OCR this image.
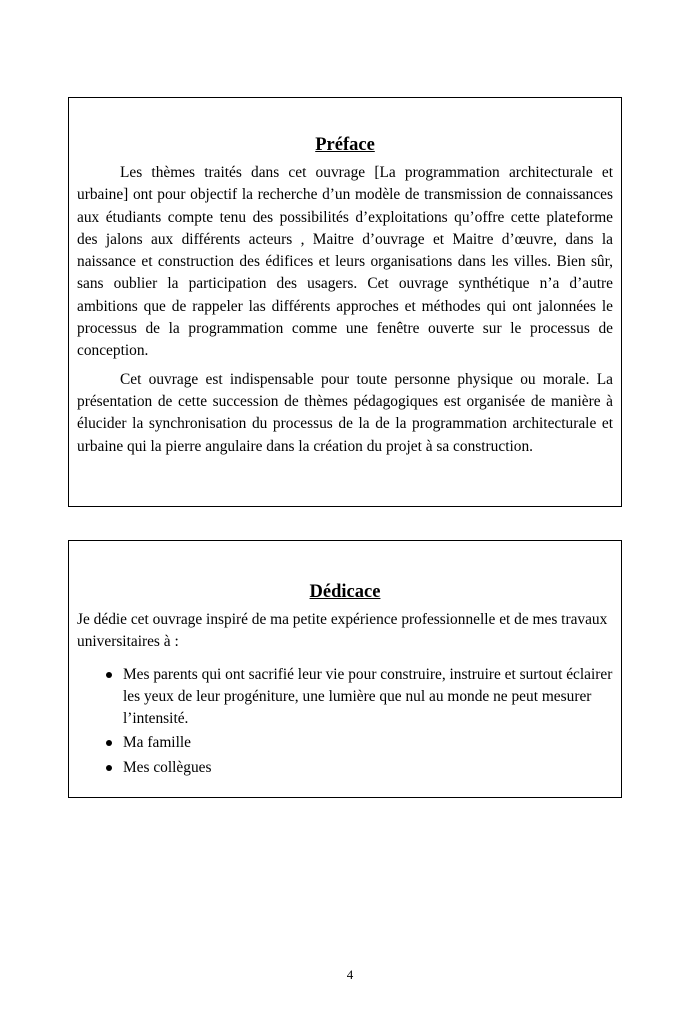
Préface

Les thèmes traités dans cet ouvrage [La programmation architecturale et urbaine] ont pour objectif la recherche d’un modèle de transmission de connaissances aux étudiants compte tenu des possibilités d’exploitations qu’offre cette plateforme des jalons aux différents acteurs , Maitre d’ouvrage et Maitre d’œuvre, dans la naissance et construction des édifices et leurs organisations dans les villes. Bien sûr, sans oublier la participation des usagers. Cet ouvrage synthétique n’a d’autre ambitions que de rappeler las différents approches et méthodes qui ont jalonnées le processus de la programmation comme une fenêtre ouverte sur le processus de conception.

Cet ouvrage est indispensable pour toute personne physique ou morale. La présentation de cette succession de thèmes pédagogiques est organisée de manière à élucider la synchronisation du processus de la de la programmation architecturale et urbaine qui la pierre angulaire dans la création du projet à sa construction.

Dédicace

Je dédie cet ouvrage inspiré de ma petite expérience professionnelle et de mes travaux universitaires à :

Mes parents qui ont sacrifié leur vie pour construire, instruire et surtout éclairer les yeux de leur progéniture, une lumière que nul au monde ne peut mesurer l’intensité.
Ma famille
Mes collègues
4
